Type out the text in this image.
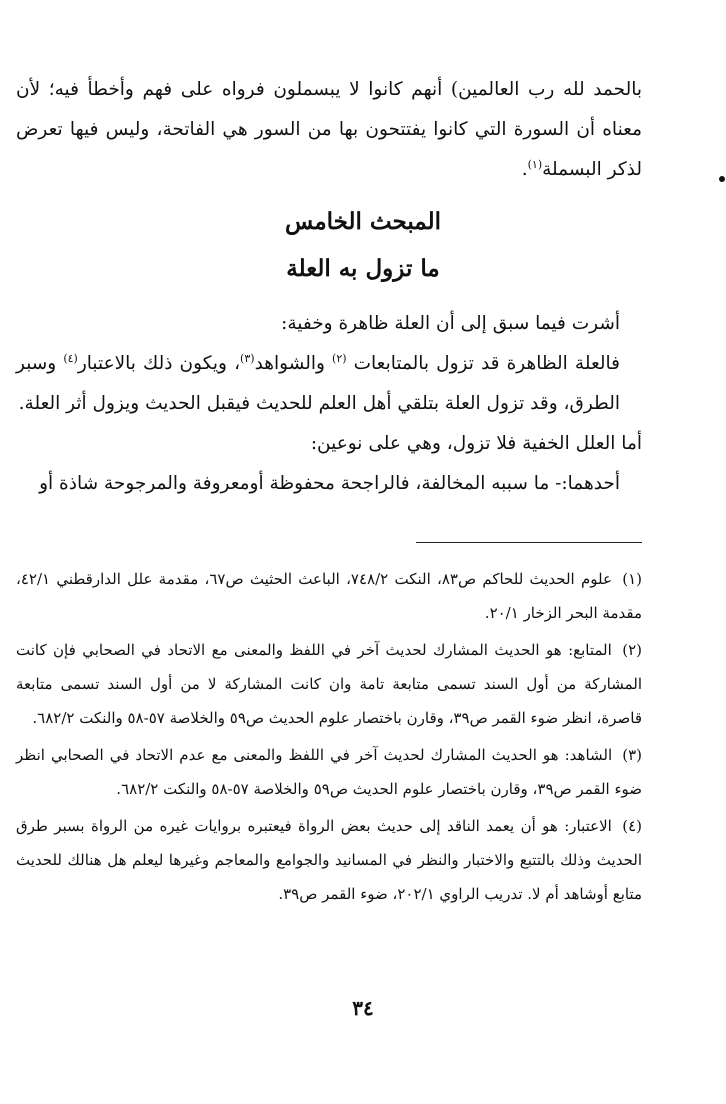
بالحمد لله رب العالمين) أنهم كانوا لا يبسملون فرواه على فهم وأخطأ فيه؛ لأن معناه أن السورة التي كانوا يفتتحون بها من السور هي الفاتحة، وليس فيها تعرض لذكر البسملة$^{(١)}$.

المبحث الخامس
ما تزول به العلة

أشرت فيما سبق إلى أن العلة ظاهرة وخفية:

فالعلة الظاهرة قد تزول بالمتابعات $^{(٢)}$ والشواهد$^{(٣)}$، ويكون ذلك بالاعتبار$^{(٤)}$ وسبر الطرق، وقد تزول العلة بتلقي أهل العلم للحديث فيقبل الحديث ويزول أثر العلة.

أما العلل الخفية فلا تزول، وهي على نوعين:

أحدهما:- ما سببه المخالفة، فالراجحة محفوظة أومعروفة والمرجوحة شاذة أو

(١) علوم الحديث للحاكم ص٨٣، النكت ٧٤٨/٢، الباعث الحثيث ص٦٧، مقدمة علل الدارقطني ٤٢/١، مقدمة البحر الزخار ٢٠/١.

(٢) المتابع: هو الحديث المشارك لحديث آخر في اللفظ والمعنى مع الاتحاد في الصحابي فإن كانت المشاركة من أول السند تسمى متابعة تامة وان كانت المشاركة لا من أول السند تسمى متابعة قاصرة، انظر ضوء القمر ص٣٩، وقارن باختصار علوم الحديث ص٥٩ والخلاصة ٥٧-٥٨ والنكت ٦٨٢/٢.

(٣) الشاهد: هو الحديث المشارك لحديث آخر في اللفظ والمعنى مع عدم الاتحاد في الصحابي انظر ضوء القمر ص٣٩، وقارن باختصار علوم الحديث ص٥٩ والخلاصة ٥٧-٥٨ والنكت ٦٨٢/٢.

(٤) الاعتبار: هو أن يعمد الناقد إلى حديث بعض الرواة فيعتبره بروايات غيره من الرواة بسبر طرق الحديث وذلك بالتتبع والاختبار والنظر في المسانيد والجوامع والمعاجم وغيرها ليعلم هل هنالك للحديث متابع أوشاهد أم لا. تدريب الراوي ٢٠٢/١، ضوء القمر ص٣٩.

٣٤
